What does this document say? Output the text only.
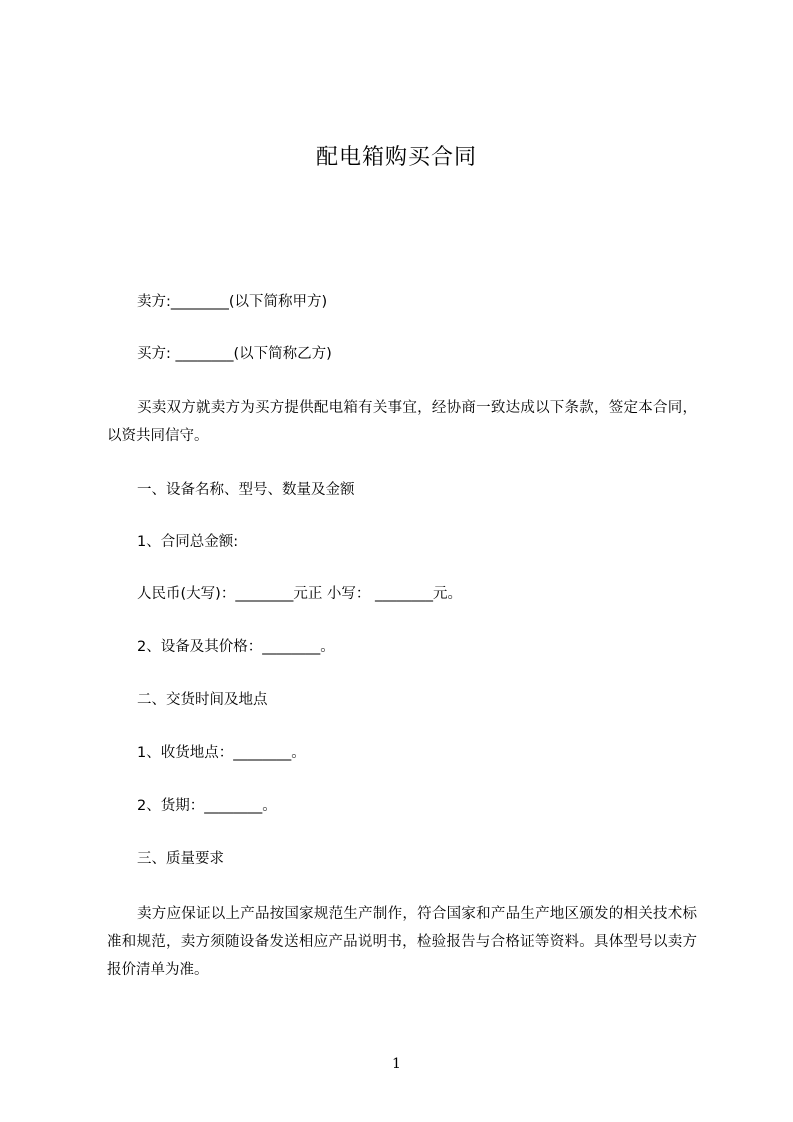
配电箱购买合同
卖方:________(以下简称甲方)
买方: ________(以下简称乙方)
买卖双方就卖方为买方提供配电箱有关事宜，经协商一致达成以下条款，签定本合同，以资共同信守。
一、设备名称、型号、数量及金额
1、合同总金额:
人民币(大写)：________元正 小写： ________元。
2、设备及其价格：________。
二、交货时间及地点
1、收货地点：________。
2、货期：________。
三、质量要求
卖方应保证以上产品按国家规范生产制作，符合国家和产品生产地区颁发的相关技术标准和规范，卖方须随设备发送相应产品说明书，检验报告与合格证等资料。具体型号以卖方报价清单为准。
1
